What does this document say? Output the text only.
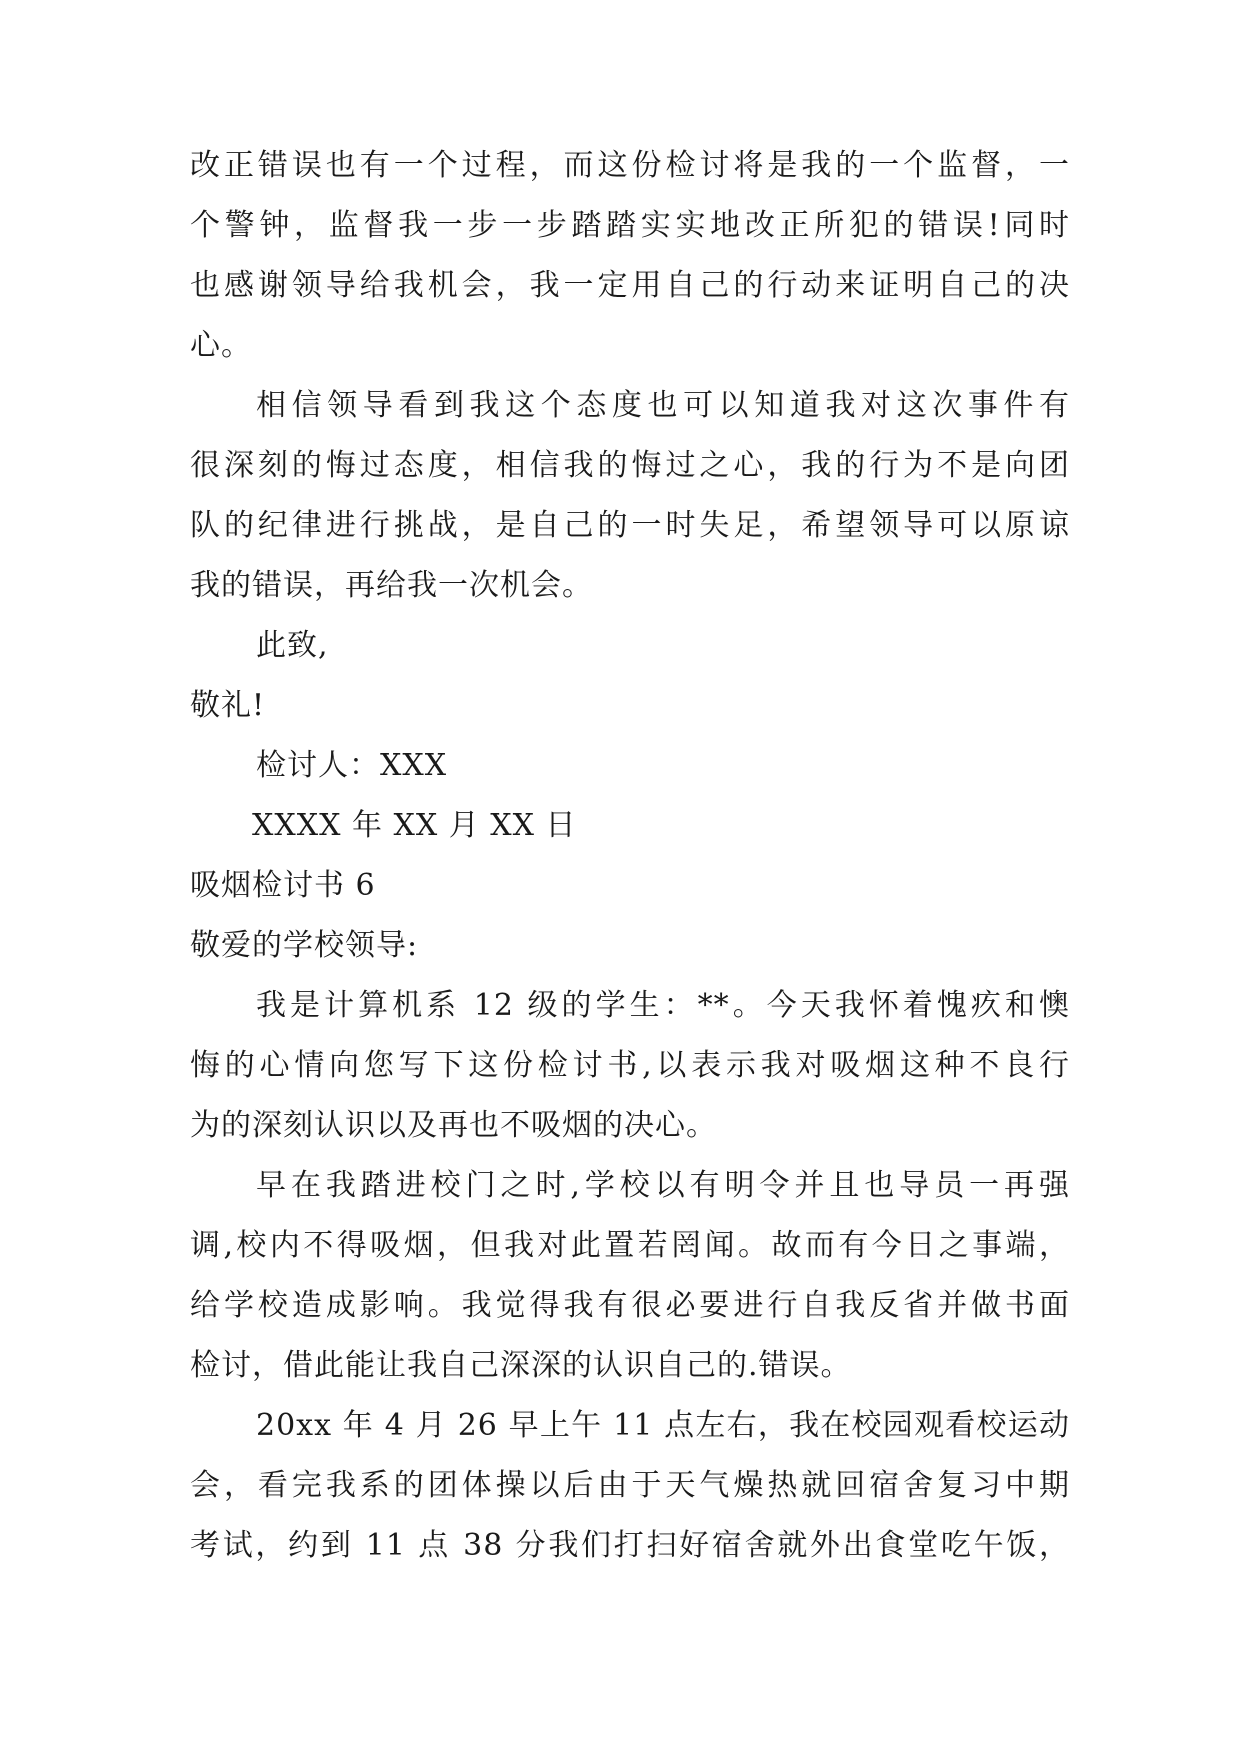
改正错误也有一个过程，而这份检讨将是我的一个监督，一

个警钟，监督我一步一步踏踏实实地改正所犯的错误!同时

也感谢领导给我机会，我一定用自己的行动来证明自己的决

心。

相信领导看到我这个态度也可以知道我对这次事件有

很深刻的悔过态度，相信我的悔过之心，我的行为不是向团

队的纪律进行挑战，是自己的一时失足，希望领导可以原谅

我的错误，再给我一次机会。

此致,

敬礼!

检讨人：XXX

XXXX 年 XX 月 XX 日

吸烟检讨书 6

敬爱的学校领导:

我是计算机系 12 级的学生：**。今天我怀着愧疚和懊

悔的心情向您写下这份检讨书,以表示我对吸烟这种不良行

为的深刻认识以及再也不吸烟的决心。

早在我踏进校门之时,学校以有明令并且也导员一再强

调,校内不得吸烟，但我对此置若罔闻。故而有今日之事端，

给学校造成影响。我觉得我有很必要进行自我反省并做书面

检讨，借此能让我自己深深的认识自己的.错误。

20xx 年 4 月 26 早上午 11 点左右，我在校园观看校运动

会，看完我系的团体操以后由于天气燥热就回宿舍复习中期

考试，约到 11 点 38 分我们打扫好宿舍就外出食堂吃午饭，
